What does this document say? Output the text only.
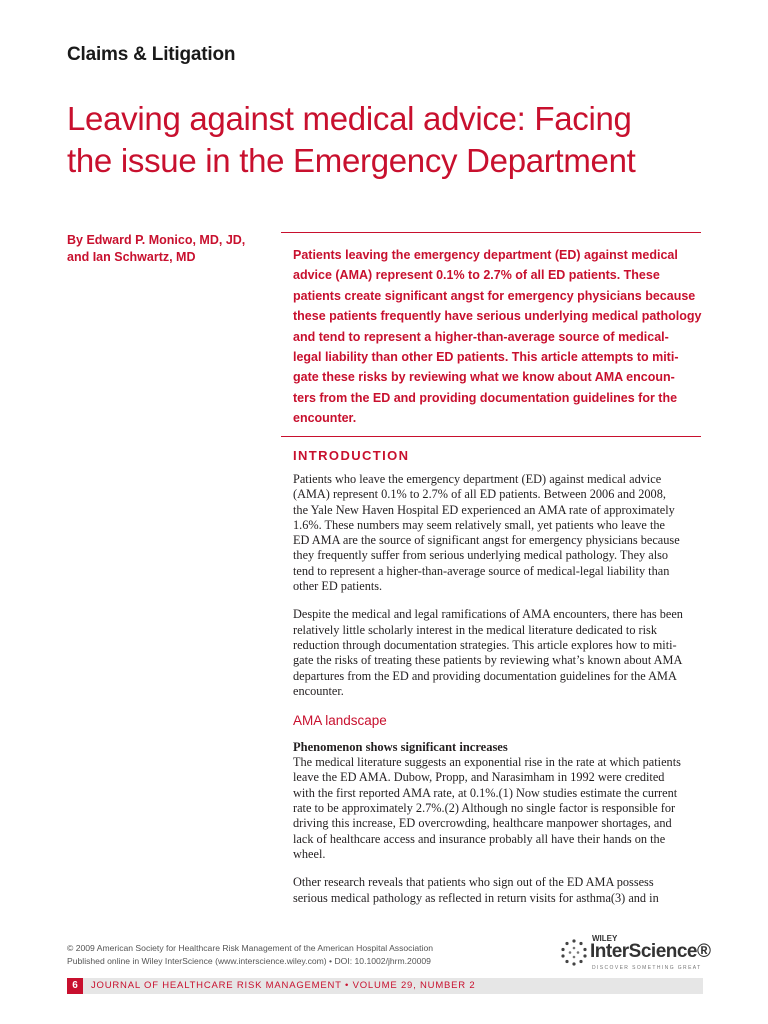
Claims & Litigation
Leaving against medical advice: Facing
the issue in the Emergency Department
By Edward P. Monico, MD, JD,
and Ian Schwartz, MD	Patients leaving the emergency department (ED) against medical
advice (AMA) represent 0.1% to 2.7% of all ED patients. These
patients create significant angst for emergency physicians because
these patients frequently have serious underlying medical pathology
and tend to represent a higher-than-average source of medical-
legal liability than other ED patients. This article attempts to miti-
gate these risks by reviewing what we know about AMA encoun-
ters from the ED and providing documentation guidelines for the
encounter.
INTRODUCTION
Patients who leave the emergency department (ED) against medical advice
(AMA) represent 0.1% to 2.7% of all ED patients. Between 2006 and 2008,
the Yale New Haven Hospital ED experienced an AMA rate of approximately
1.6%. These numbers may seem relatively small, yet patients who leave the
ED AMA are the source of significant angst for emergency physicians because
they frequently suffer from serious underlying medical pathology. They also
tend to represent a higher-than-average source of medical-legal liability than
other ED patients.
Despite the medical and legal ramifications of AMA encounters, there has been
relatively little scholarly interest in the medical literature dedicated to risk
reduction through documentation strategies. This article explores how to miti-
gate the risks of treating these patients by reviewing what’s known about AMA
departures from the ED and providing documentation guidelines for the AMA
encounter.
AMA landscape
Phenomenon shows significant increases
The medical literature suggests an exponential rise in the rate at which patients
leave the ED AMA. Dubow, Propp, and Narasimham in 1992 were credited
with the first reported AMA rate, at 0.1%.(1) Now studies estimate the current
rate to be approximately 2.7%.(2) Although no single factor is responsible for
driving this increase, ED overcrowding, healthcare manpower shortages, and
lack of healthcare access and insurance probably all have their hands on the
wheel.
Other research reveals that patients who sign out of the ED AMA possess
serious medical pathology as reflected in return visits for asthma(3) and in
© 2009 American Society for Healthcare Risk Management of the American Hospital Association
Published online in Wiley InterScience (www.interscience.wiley.com) • DOI: 10.1002/jhrm.20009
WILEY
InterScience®
DISCOVER SOMETHING GREAT
6	JOURNAL OF HEALTHCARE RISK MANAGEMENT • VOLUME 29, NUMBER 2
